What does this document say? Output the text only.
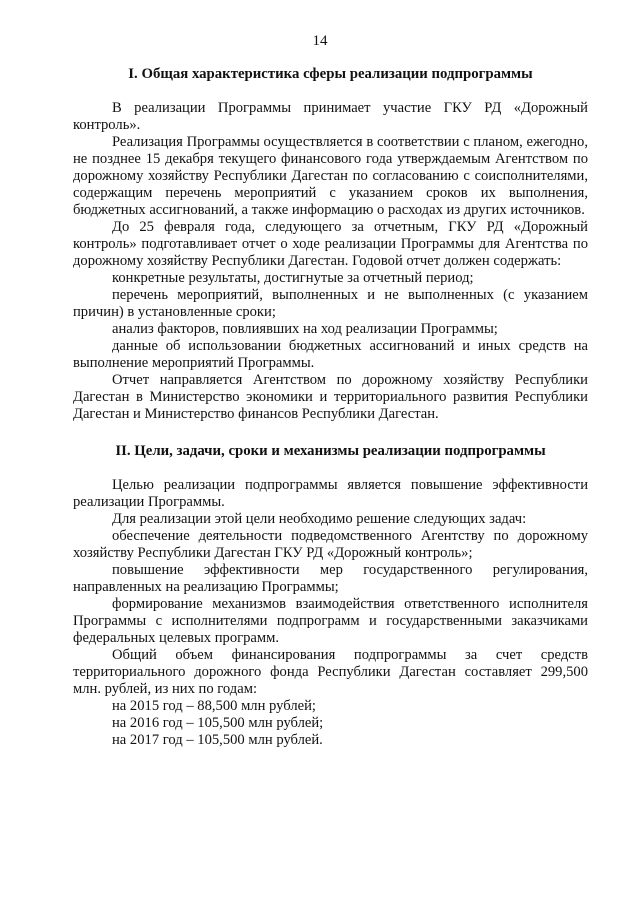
14
I. Общая характеристика сферы реализации подпрограммы

В реализации Программы принимает участие ГКУ РД «Дорожный контроль».

Реализация Программы осуществляется в соответствии с планом, ежегодно, не позднее 15 декабря текущего финансового года утверждаемым Агентством по дорожному хозяйству Республики Дагестан по согласованию с соисполнителями, содержащим перечень мероприятий с указанием сроков их выполнения, бюджетных ассигнований, а также информацию о расходах из других источников.

До 25 февраля года, следующего за отчетным, ГКУ РД «Дорожный контроль» подготавливает отчет о ходе реализации Программы для Агентства по дорожному хозяйству Республики Дагестан. Годовой отчет должен содержать:

конкретные результаты, достигнутые за отчетный период;

перечень мероприятий, выполненных и не выполненных (с указанием причин) в установленные сроки;

анализ факторов, повлиявших на ход реализации Программы;

данные об использовании бюджетных ассигнований и иных средств на выполнение мероприятий Программы.

Отчет направляется Агентством по дорожному хозяйству Республики Дагестан в Министерство экономики и территориального развития Республики Дагестан и Министерство финансов Республики Дагестан.

II. Цели, задачи, сроки и механизмы реализации подпрограммы

Целью реализации подпрограммы является повышение эффективности реализации Программы.

Для реализации этой цели необходимо решение следующих задач:

обеспечение деятельности подведомственного Агентству по дорожному хозяйству Республики Дагестан ГКУ РД «Дорожный контроль»;

повышение эффективности мер государственного регулирования, направленных на реализацию Программы;

формирование механизмов взаимодействия ответственного исполнителя Программы с исполнителями подпрограмм и государственными заказчиками федеральных целевых программ.

Общий объем финансирования подпрограммы за счет средств территориального дорожного фонда Республики Дагестан составляет 299,500 млн. рублей, из них по годам:

на 2015 год – 88,500 млн рублей;
на 2016 год – 105,500 млн рублей;
на 2017 год – 105,500 млн рублей.
